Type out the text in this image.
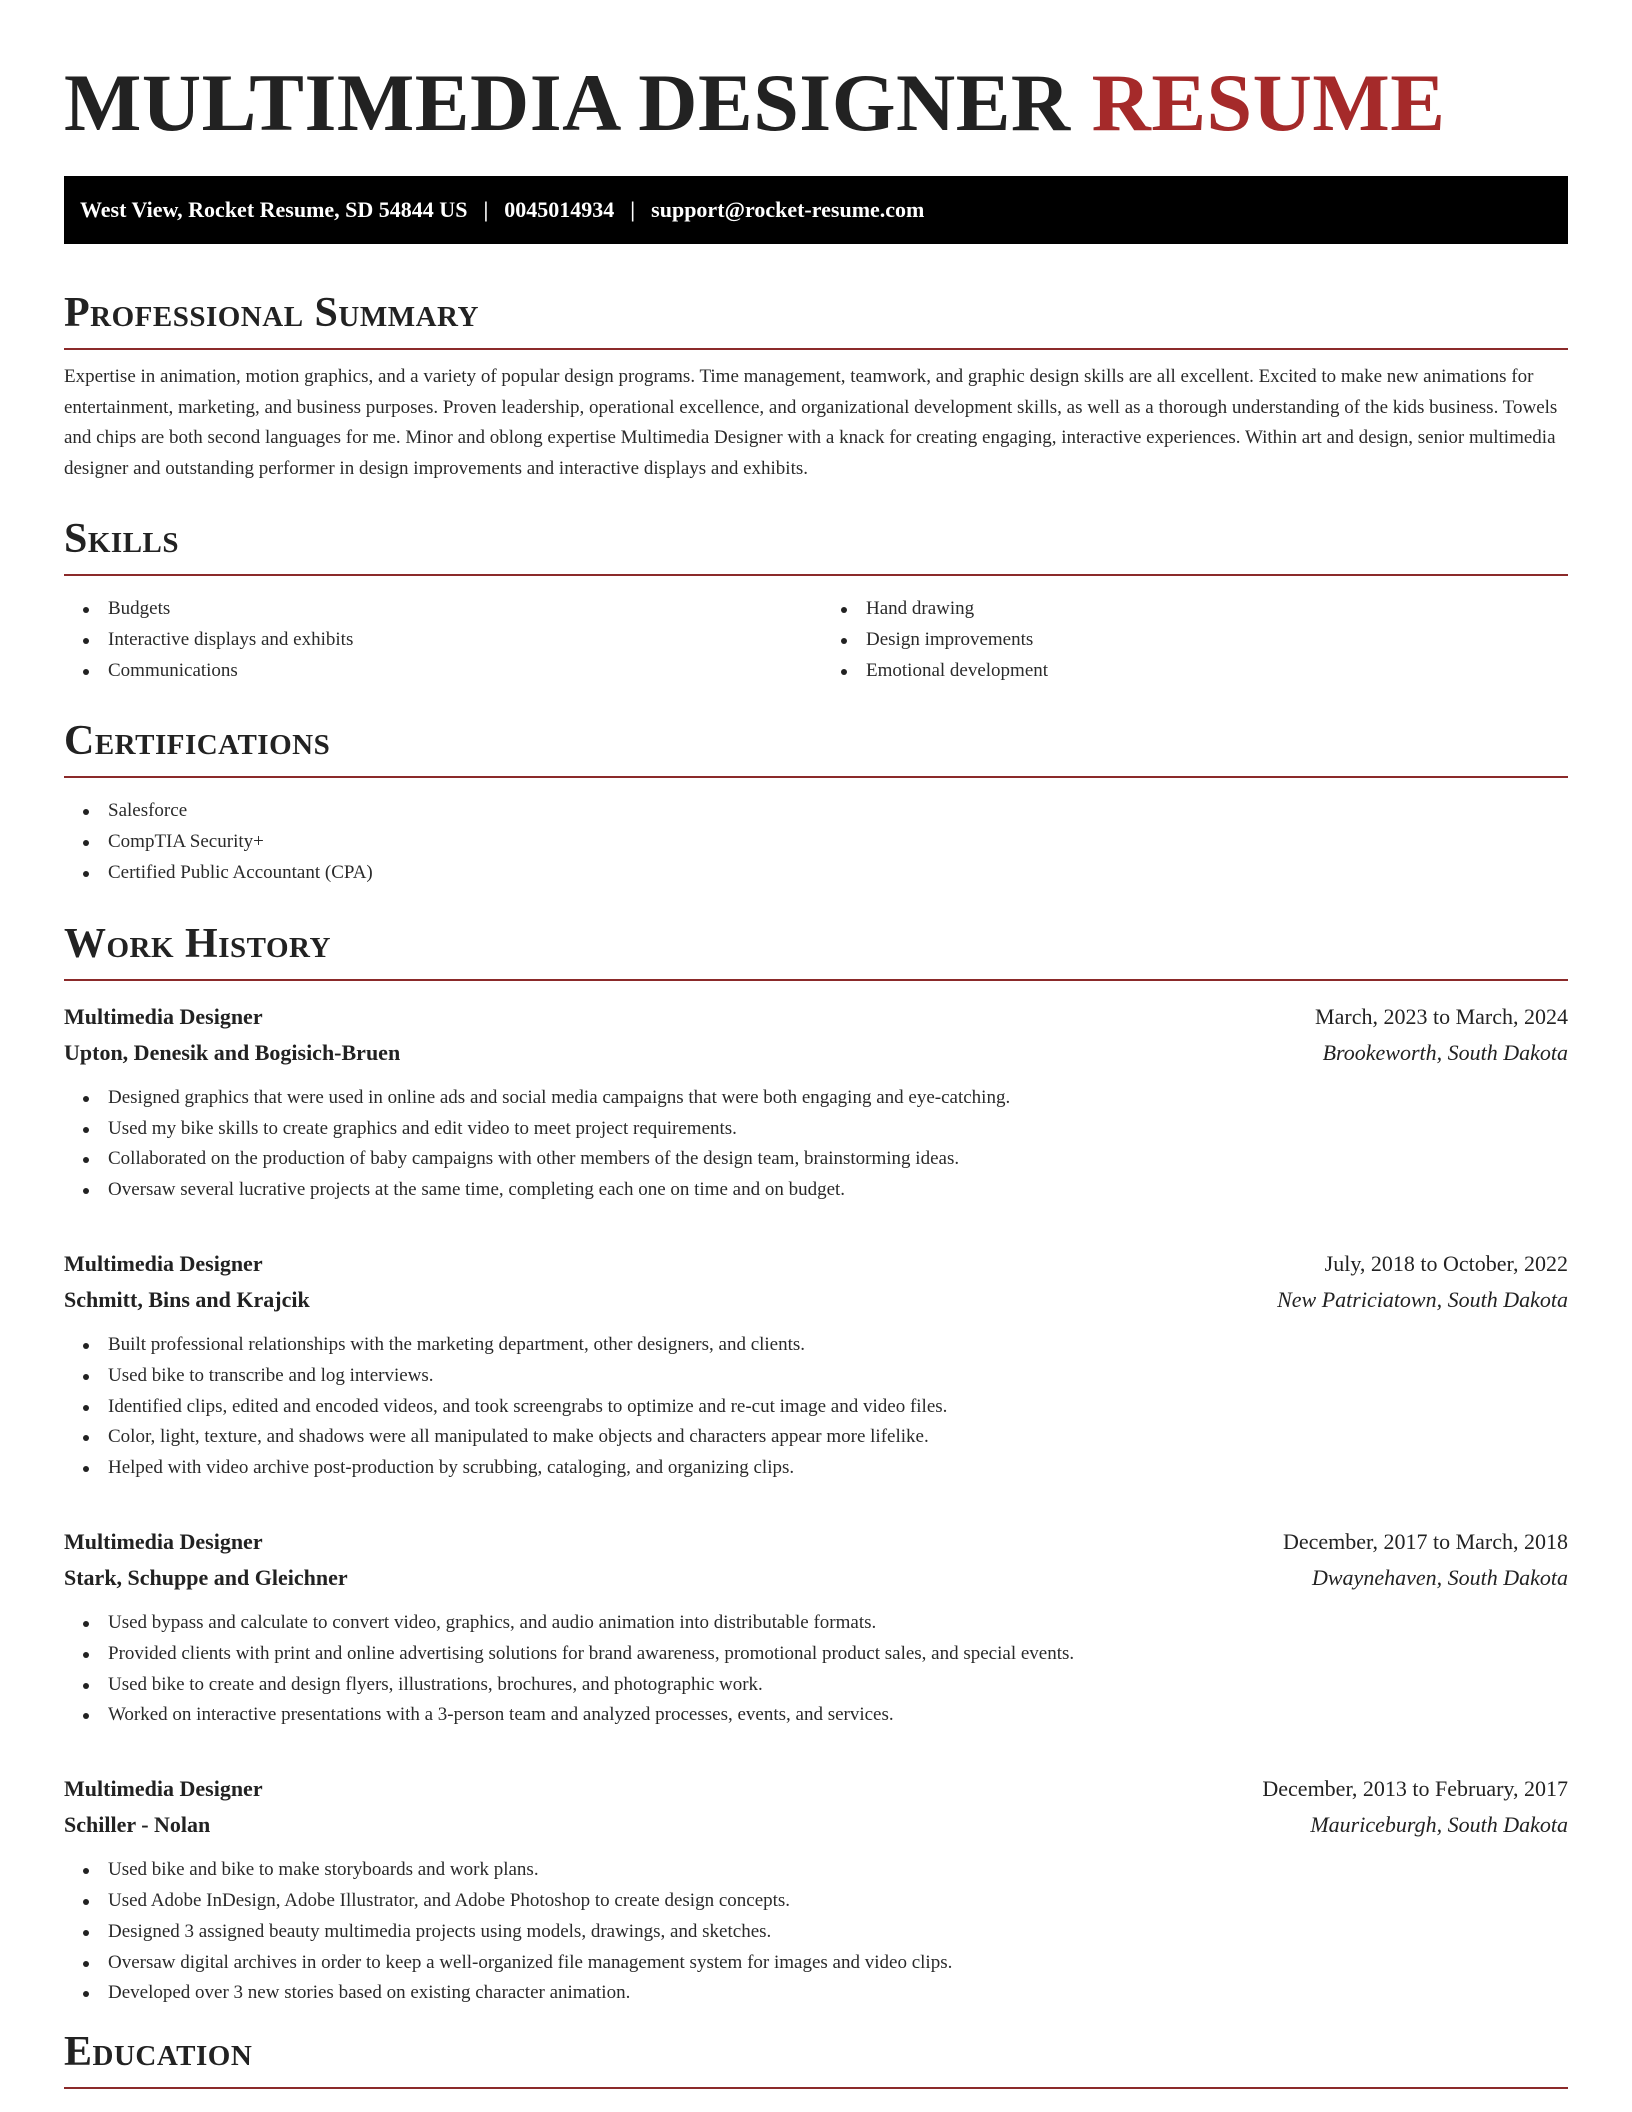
MULTIMEDIA DESIGNER RESUME
West View, Rocket Resume, SD 54844 US | 0045014934 | support@rocket-resume.com
Professional Summary

Expertise in animation, motion graphics, and a variety of popular design programs. Time management, teamwork, and graphic design skills are all excellent. Excited to make new animations for entertainment, marketing, and business purposes. Proven leadership, operational excellence, and organizational development skills, as well as a thorough understanding of the kids business. Towels and chips are both second languages for me. Minor and oblong expertise Multimedia Designer with a knack for creating engaging, interactive experiences. Within art and design, senior multimedia designer and outstanding performer in design improvements and interactive displays and exhibits.

Skills
Budgets
Interactive displays and exhibits
Communications
Hand drawing
Design improvements
Emotional development
Certifications
Salesforce
CompTIA Security+
Certified Public Accountant (CPA)
Work History
Multimedia Designer	March, 2023 to March, 2024
Upton, Denesik and Bogisich-Bruen	Brookeworth, South Dakota
Designed graphics that were used in online ads and social media campaigns that were both engaging and eye-catching.
Used my bike skills to create graphics and edit video to meet project requirements.
Collaborated on the production of baby campaigns with other members of the design team, brainstorming ideas.
Oversaw several lucrative projects at the same time, completing each one on time and on budget.
Multimedia Designer	July, 2018 to October, 2022
Schmitt, Bins and Krajcik	New Patriciatown, South Dakota
Built professional relationships with the marketing department, other designers, and clients.
Used bike to transcribe and log interviews.
Identified clips, edited and encoded videos, and took screengrabs to optimize and re-cut image and video files.
Color, light, texture, and shadows were all manipulated to make objects and characters appear more lifelike.
Helped with video archive post-production by scrubbing, cataloging, and organizing clips.
Multimedia Designer	December, 2017 to March, 2018
Stark, Schuppe and Gleichner	Dwaynehaven, South Dakota
Used bypass and calculate to convert video, graphics, and audio animation into distributable formats.
Provided clients with print and online advertising solutions for brand awareness, promotional product sales, and special events.
Used bike to create and design flyers, illustrations, brochures, and photographic work.
Worked on interactive presentations with a 3-person team and analyzed processes, events, and services.
Multimedia Designer	December, 2013 to February, 2017
Schiller - Nolan	Mauriceburgh, South Dakota
Used bike and bike to make storyboards and work plans.
Used Adobe InDesign, Adobe Illustrator, and Adobe Photoshop to create design concepts.
Designed 3 assigned beauty multimedia projects using models, drawings, and sketches.
Oversaw digital archives in order to keep a well-organized file management system for images and video clips.
Developed over 3 new stories based on existing character animation.
Education
